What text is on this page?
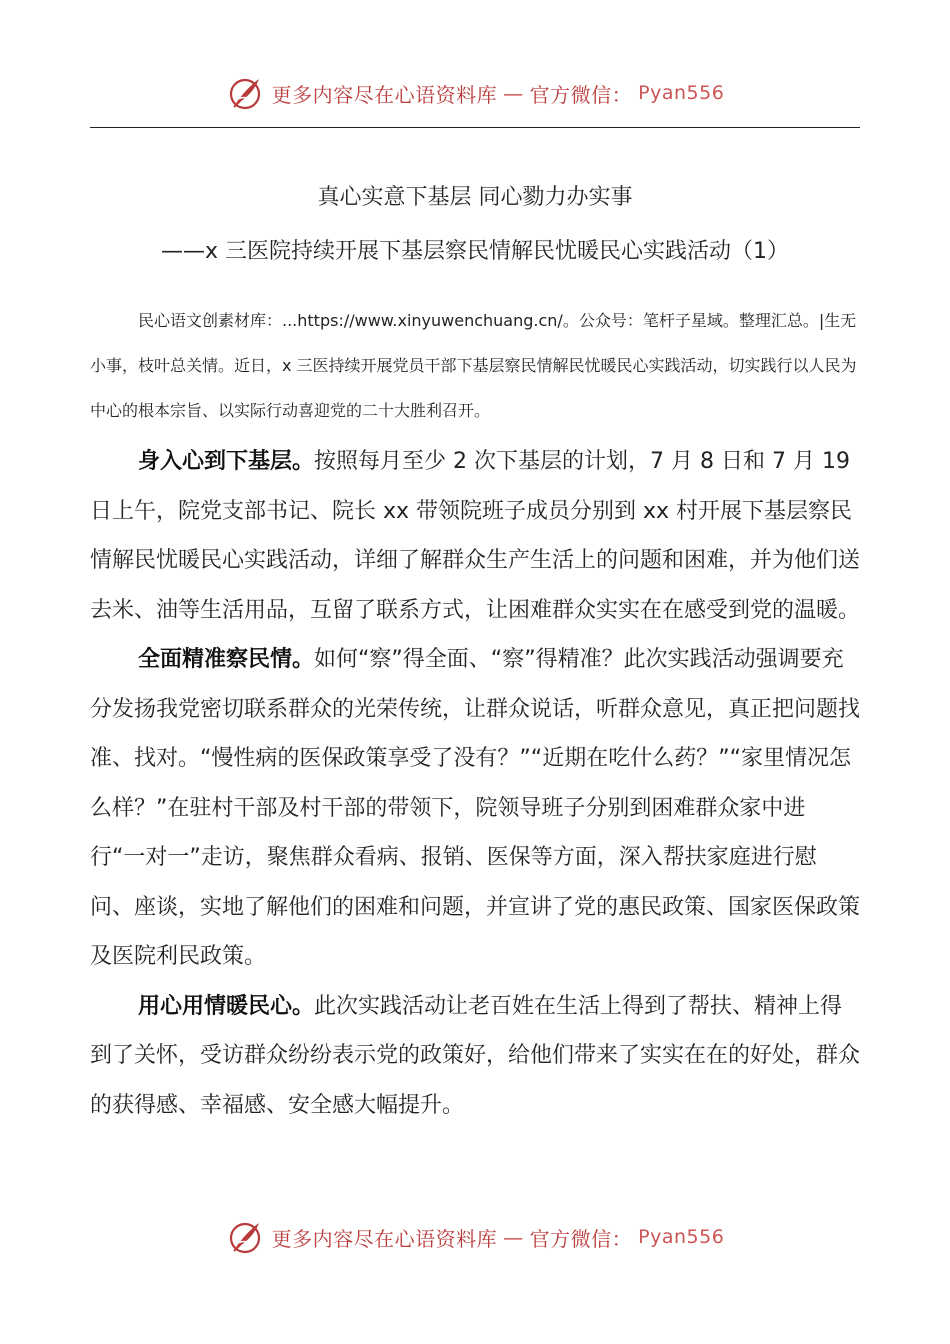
更多内容尽在心语资料库 — 官方微信： Pyan556
真心实意下基层 同心勠力办实事
——x 三医院持续开展下基层察民情解民忧暖民心实践活动（1）
民心语文创素材库：...https://www.xinyuwenchuang.cn/。公众号：笔杆子星域。整理汇总。|生无小事，枝叶总关情。近日，x 三医持续开展党员干部下基层察民情解民忧暖民心实践活动，切实践行以人民为中心的根本宗旨、以实际行动喜迎党的二十大胜利召开。

身入心到下基层。按照每月至少 2 次下基层的计划，7 月 8 日和 7 月 19 日上午，院党支部书记、院长 xx 带领院班子成员分别到 xx 村开展下基层察民情解民忧暖民心实践活动，详细了解群众生产生活上的问题和困难，并为他们送去米、油等生活用品，互留了联系方式，让困难群众实实在在感受到党的温暖。

全面精准察民情。如何“察”得全面、“察”得精准？此次实践活动强调要充分发扬我党密切联系群众的光荣传统，让群众说话，听群众意见，真正把问题找准、找对。“慢性病的医保政策享受了没有？”“近期在吃什么药？”“家里情况怎么样？”在驻村干部及村干部的带领下，院领导班子分别到困难群众家中进行“一对一”走访，聚焦群众看病、报销、医保等方面，深入帮扶家庭进行慰问、座谈，实地了解他们的困难和问题，并宣讲了党的惠民政策、国家医保政策及医院利民政策。

用心用情暖民心。此次实践活动让老百姓在生活上得到了帮扶、精神上得到了关怀，受访群众纷纷表示党的政策好，给他们带来了实实在在的好处，群众的获得感、幸福感、安全感大幅提升。

更多内容尽在心语资料库 — 官方微信： Pyan556
